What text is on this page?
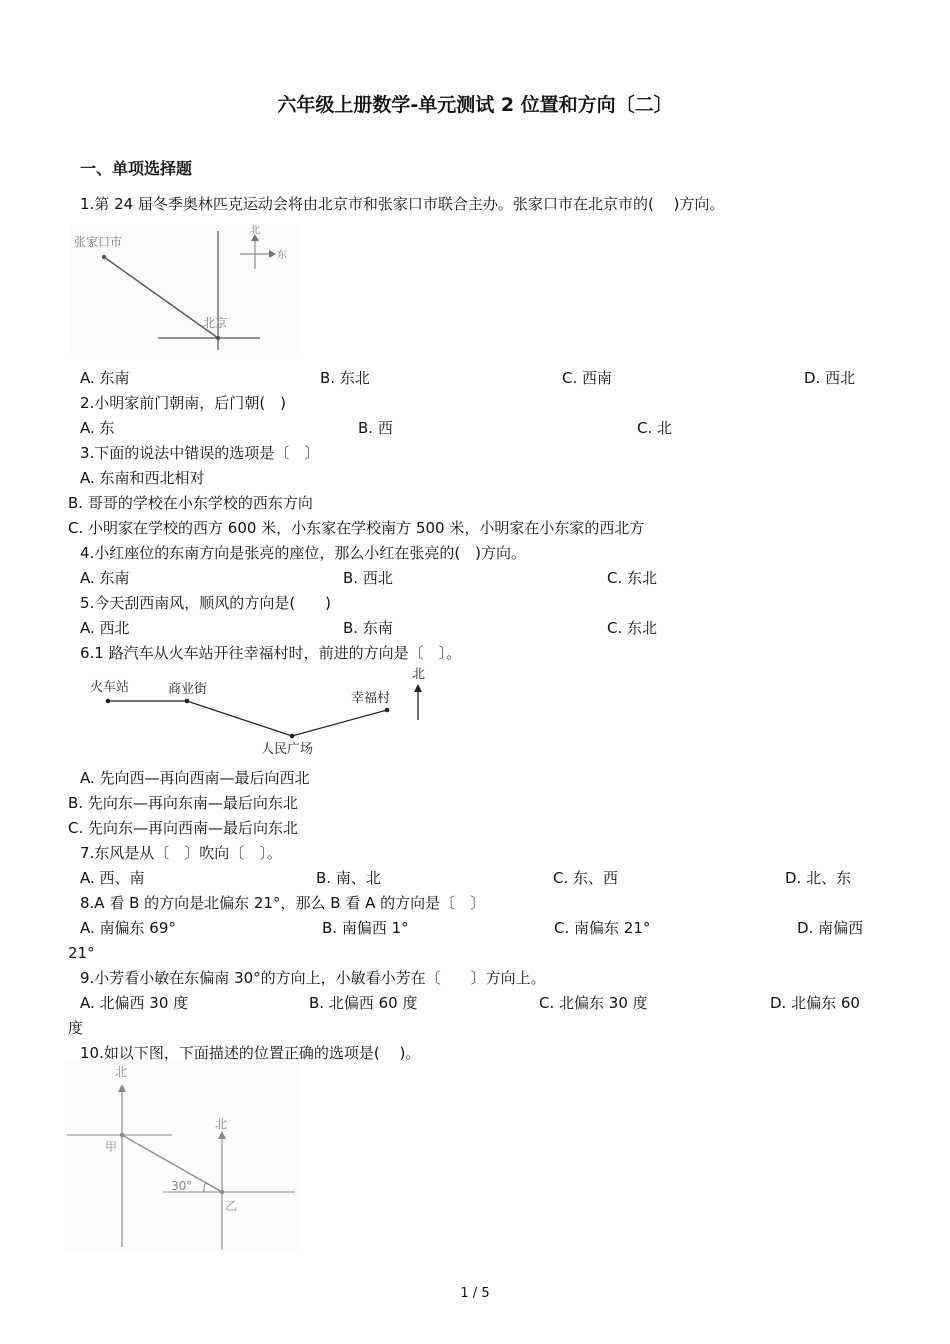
六年级上册数学-单元测试 2 位置和方向〔二〕
一、单项选择题
1.第 24 届冬季奥林匹克运动会将由北京市和张家口市联合主办。张家口市在北京市的(　 )方向。
张家口市
北京
北
东
A. 东南	B. 东北	C. 西南	D. 西北
2.小明家前门朝南，后门朝(　)
A. 东	B. 西	C. 北
3.下面的说法中错误的选项是〔　〕
A. 东南和西北相对
B. 哥哥的学校在小东学校的西东方向
C. 小明家在学校的西方 600 米，小东家在学校南方 500 米，小明家在小东家的西北方
4.小红座位的东南方向是张亮的座位，那么小红在张亮的(　)方向。
A. 东南	B. 西北	C. 东北
5.今天刮西南风，顺风的方向是(　　)
A. 西北	B. 东南	C. 东北
6.1 路汽车从火车站开往幸福村时，前进的方向是〔　〕。
火车站	商业街
人民广场
幸福村
北
A. 先向西—再向西南—最后向西北
B. 先向东—再向东南—最后向东北
C. 先向东—再向西南—最后向东北
7.东风是从〔　〕吹向〔　〕。
A. 西、南	B. 南、北	C. 东、西	D. 北、东
8.A 看 B 的方向是北偏东 21°，那么 B 看 A 的方向是〔　〕
A. 南偏东 69°	B. 南偏西 1°	C. 南偏东 21°	D. 南偏西
21°
9.小芳看小敏在东偏南 30°的方向上，小敏看小芳在〔　　〕方向上。
A. 北偏西 30 度	B. 北偏西 60 度	C. 北偏东 30 度	D. 北偏东 60
度
10.如以下图，下面描述的位置正确的选项是(　 )。
北
北
甲
乙
30°
1 / 5
